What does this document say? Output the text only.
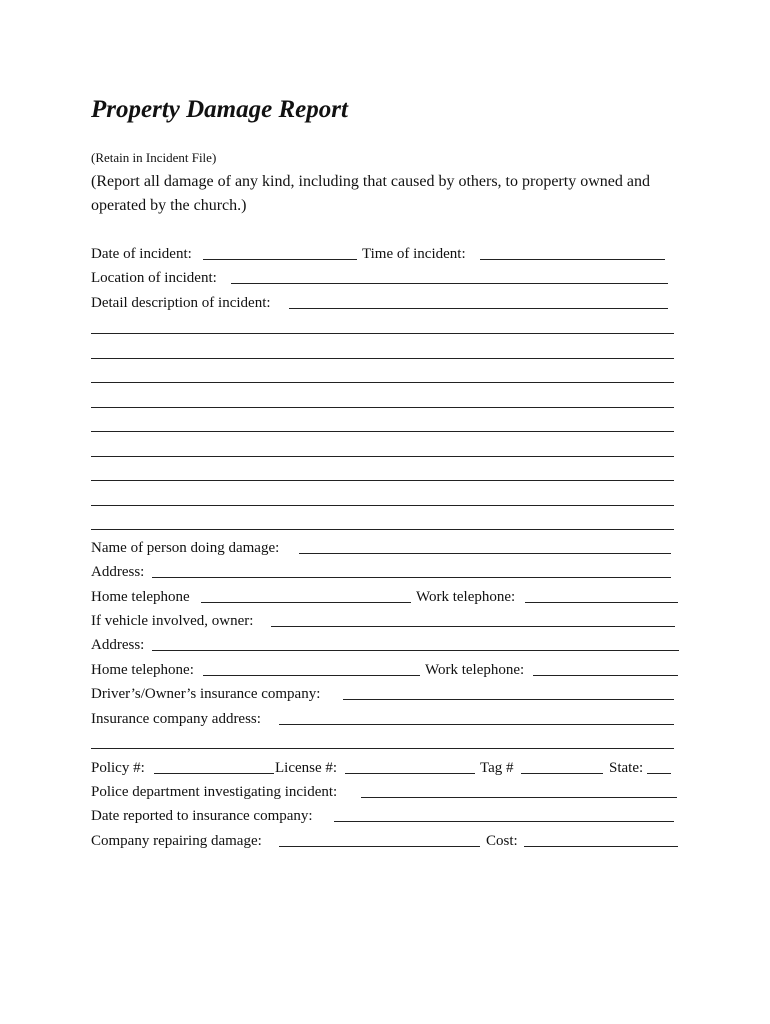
Property Damage Report
(Retain in Incident File)
(Report all damage of any kind, including that caused by others, to property owned and operated by the church.)
Date of incident:	Time of incident:
Location of incident:
Detail description of incident:
Name of person doing damage:
Address:
Home telephone	Work telephone:
If vehicle involved, owner:
Address:
Home telephone:	Work telephone:
Driver’s/Owner’s insurance company:
Insurance company address:
Policy #:	License #:	Tag #	State:
Police department investigating incident:
Date reported to insurance company:
Company repairing damage:	Cost:
